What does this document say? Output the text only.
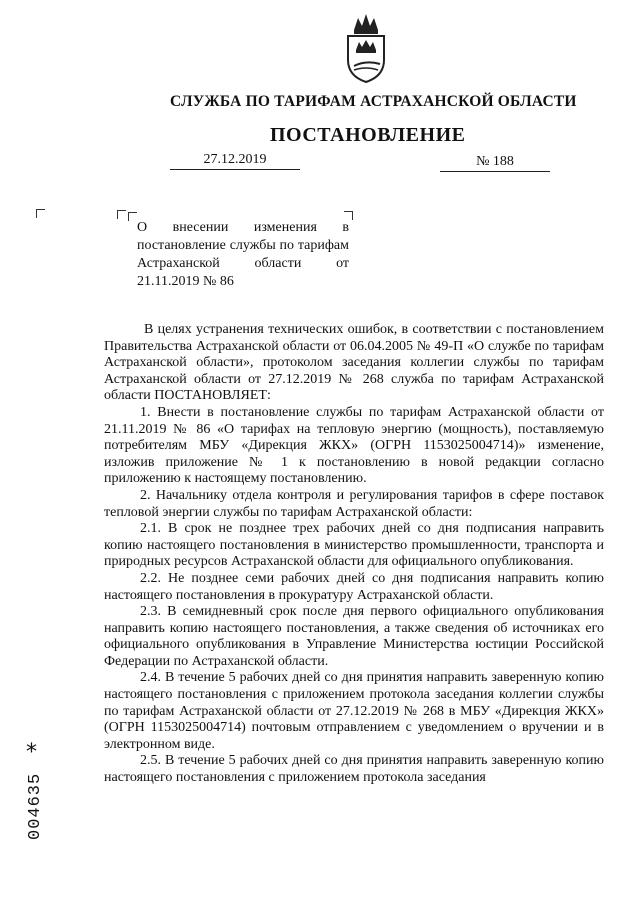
СЛУЖБА ПО ТАРИФАМ АСТРАХАНСКОЙ ОБЛАСТИ
ПОСТАНОВЛЕНИЕ
27.12.2019	№ 188

О внесении изменения в постановление службы по тарифам Астраханской области от 21.11.2019 № 86

В целях устранения технических ошибок, в соответствии с постановлением Правительства Астраханской области от 06.04.2005 № 49-П «О службе по тарифам Астраханской области», протоколом заседания коллегии службы по тарифам Астраханской области от 27.12.2019 № 268 служба по тарифам Астраханской области ПОСТАНОВЛЯЕТ:

1. Внести в постановление службы по тарифам Астраханской области от 21.11.2019 № 86 «О тарифах на тепловую энергию (мощность), поставляемую потребителям МБУ «Дирекция ЖКХ» (ОГРН 1153025004714)» изменение, изложив приложение № 1 к постановлению в новой редакции согласно приложению к настоящему постановлению.

2. Начальнику отдела контроля и регулирования тарифов в сфере поставок тепловой энергии службы по тарифам Астраханской области:

2.1. В срок не позднее трех рабочих дней со дня подписания направить копию настоящего постановления в министерство промышленности, транспорта и природных ресурсов Астраханской области для официального опубликования.

2.2. Не позднее семи рабочих дней со дня подписания направить копию настоящего постановления в прокуратуру Астраханской области.

2.3. В семидневный срок после дня первого официального опубликования направить копию настоящего постановления, а также сведения об источниках его официального опубликования в Управление Министерства юстиции Российской Федерации по Астраханской области.

2.4. В течение 5 рабочих дней со дня принятия направить заверенную копию настоящего постановления с приложением протокола заседания коллегии службы по тарифам Астраханской области от 27.12.2019 № 268 в МБУ «Дирекция ЖКХ» (ОГРН 1153025004714) почтовым отправлением с уведомлением о вручении и в электронном виде.

2.5. В течение 5 рабочих дней со дня принятия направить заверенную копию настоящего постановления с приложением протокола заседания

*
004635
